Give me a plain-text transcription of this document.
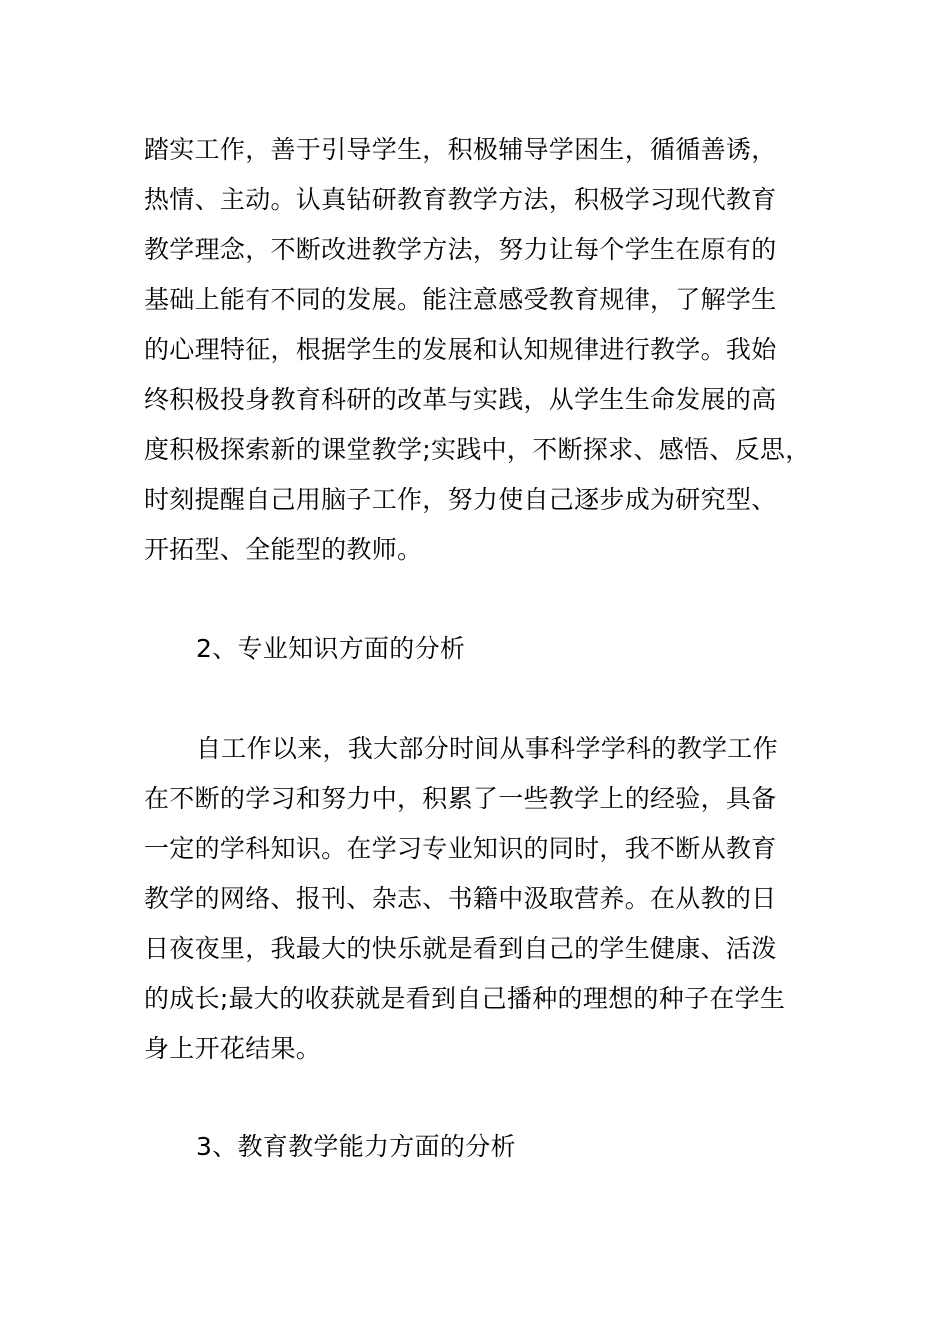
踏实工作，善于引导学生，积极辅导学困生，循循善诱，
热情、主动。认真钻研教育教学方法，积极学习现代教育
教学理念，不断改进教学方法，努力让每个学生在原有的
基础上能有不同的发展。能注意感受教育规律，了解学生
的心理特征，根据学生的发展和认知规律进行教学。我始
终积极投身教育科研的改革与实践，从学生生命发展的高
度积极探索新的课堂教学;实践中，不断探求、感悟、反思，
时刻提醒自己用脑子工作，努力使自己逐步成为研究型、
开拓型、全能型的教师。
2、专业知识方面的分析
自工作以来，我大部分时间从事科学学科的教学工作
在不断的学习和努力中，积累了一些教学上的经验，具备
一定的学科知识。在学习专业知识的同时，我不断从教育
教学的网络、报刊、杂志、书籍中汲取营养。在从教的日
日夜夜里，我最大的快乐就是看到自己的学生健康、活泼
的成长;最大的收获就是看到自己播种的理想的种子在学生
身上开花结果。
3、教育教学能力方面的分析
